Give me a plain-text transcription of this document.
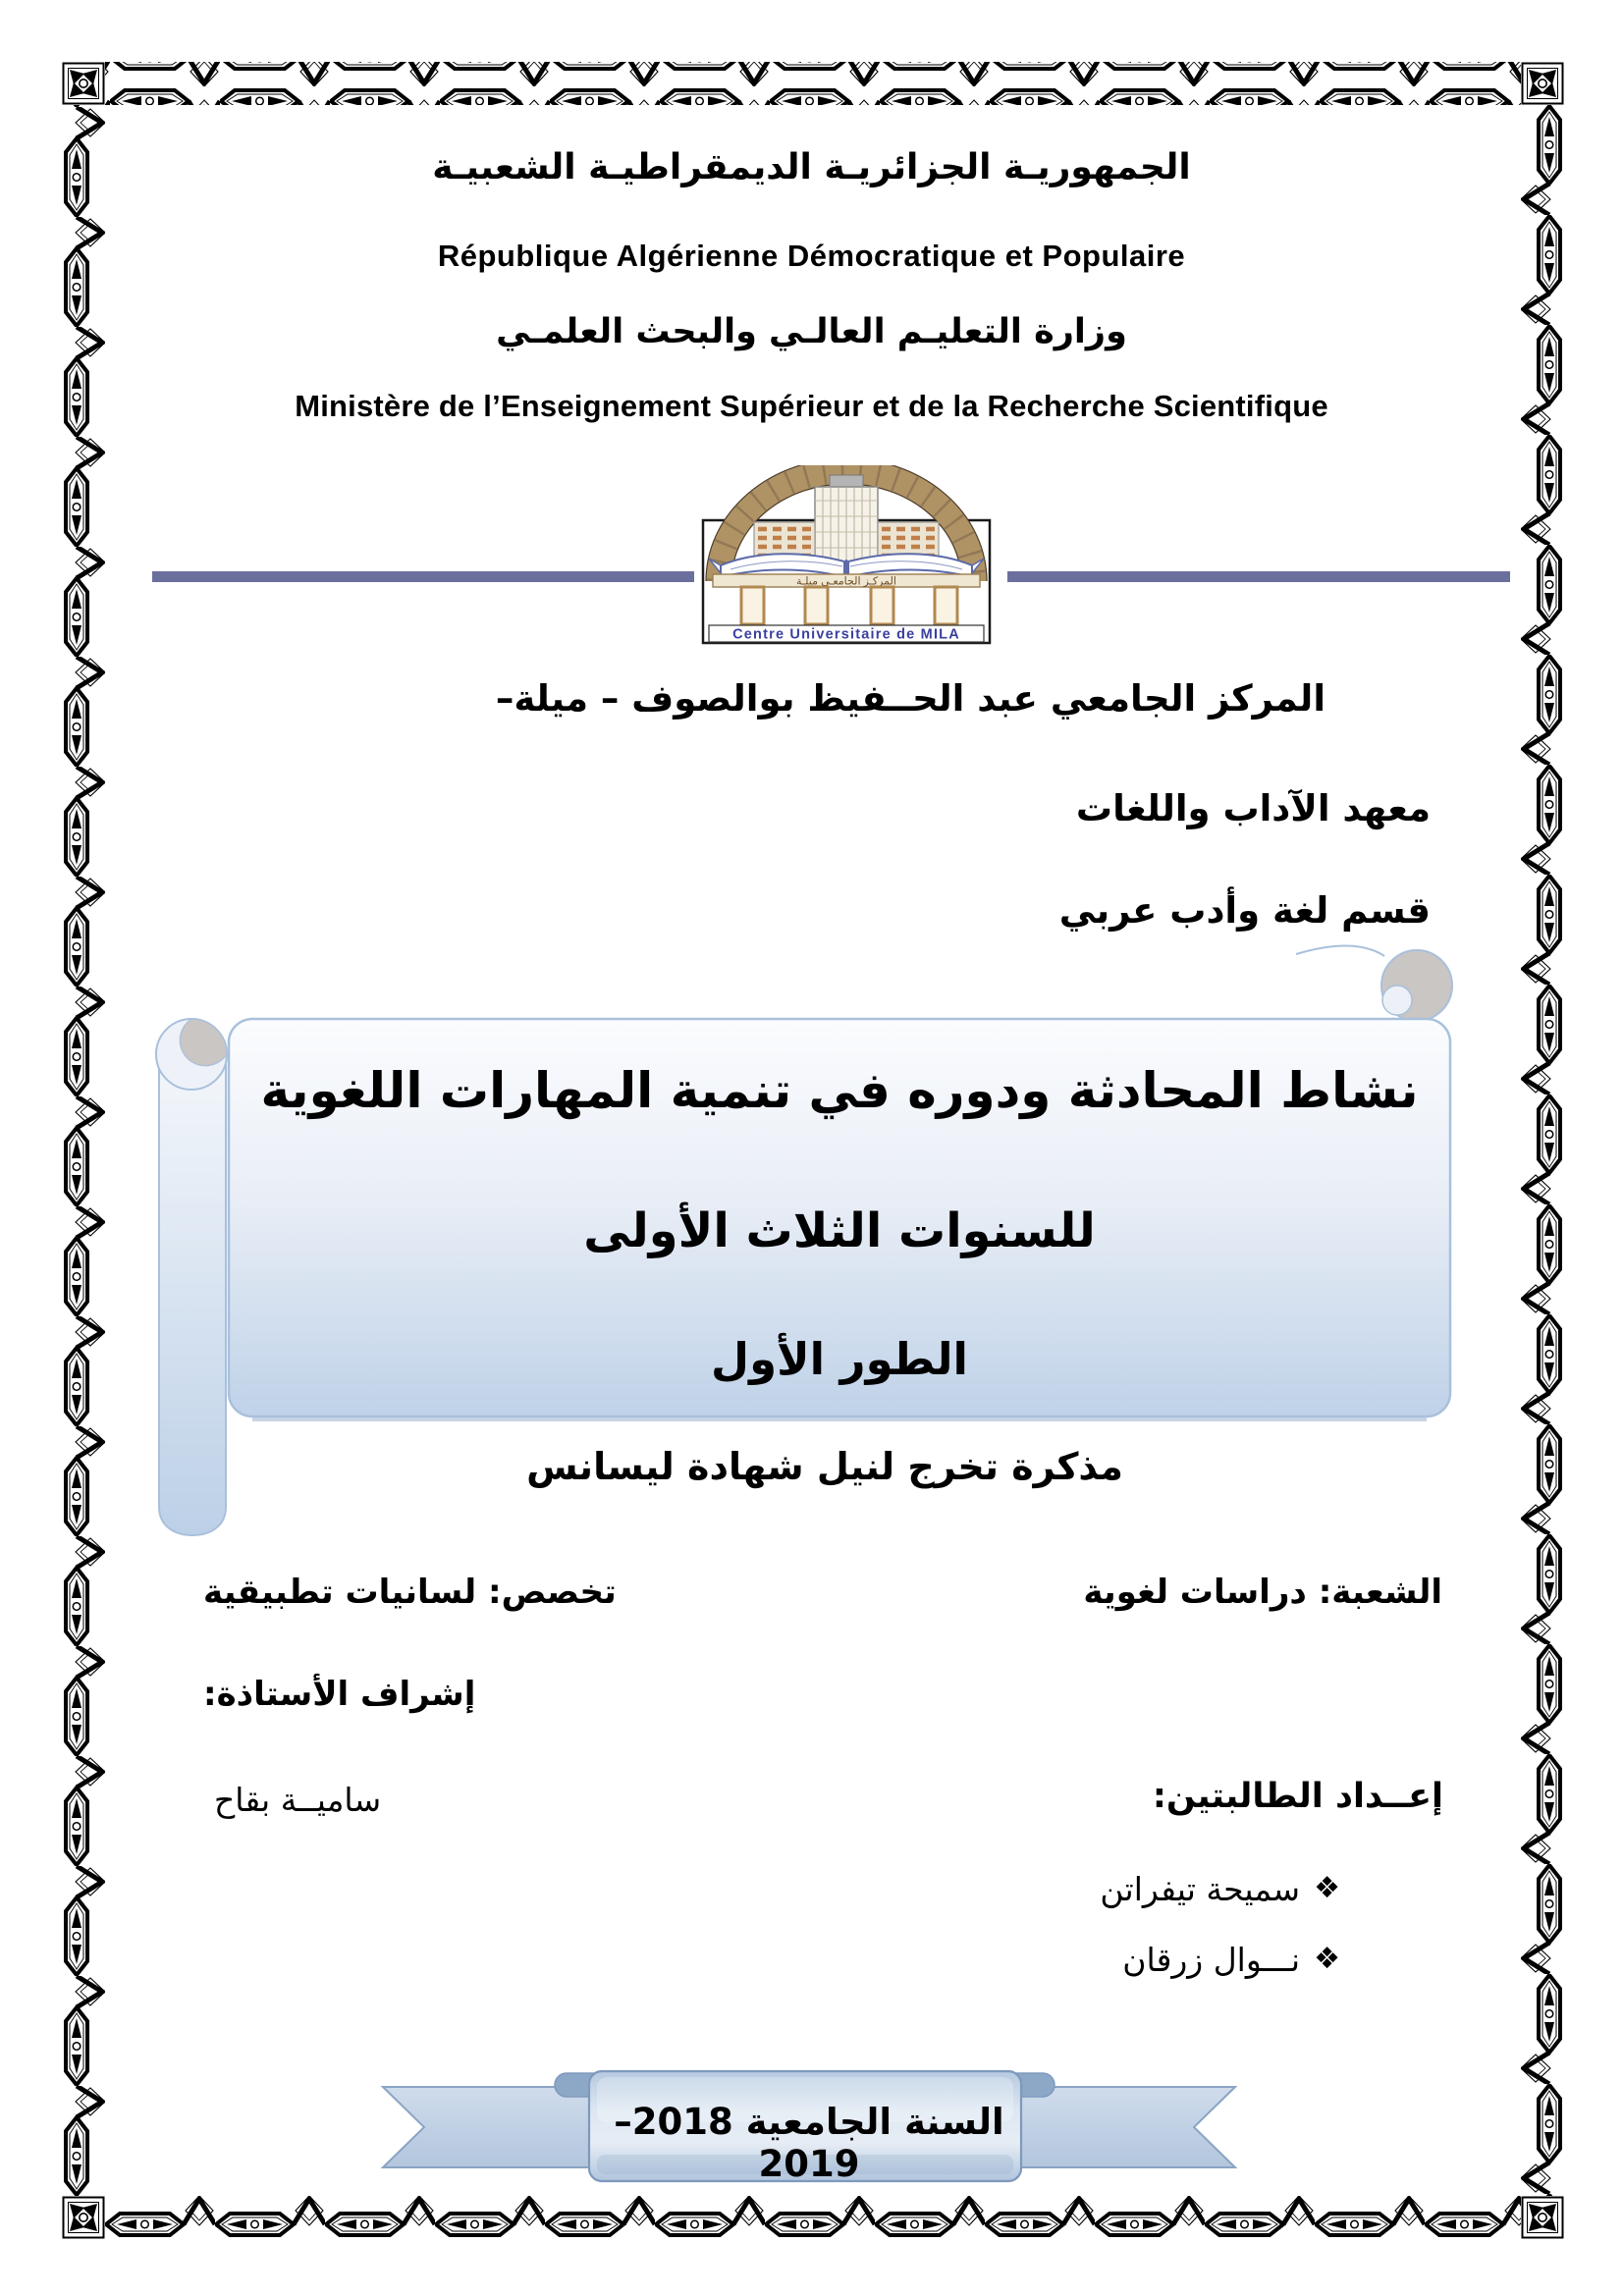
الجمهوريـة الجزائريـة الديمقراطيـة الشعبيـة
République Algérienne Démocratique et Populaire
وزارة التعليـم العالـي والبحث العلمـي
Ministère de l’Enseignement Supérieur et de la Recherche Scientifique
المركـز الجامعـي ميلـة
Centre Universitaire de MILA
المركز الجامعي عبد الحــفيظ بوالصوف – ميلة–
معهد الآداب واللغات
قسم لغة وأدب عربي
نشاط المحادثة ودوره في تنمية المهارات اللغوية
للسنوات الثلاث الأولى
الطور الأول
مذكرة تخرج لنيل شهادة ليسانس
الشعبة: دراسات لغوية
تخصص: لسانيات تطبيقية
إشراف الأستاذة:
إعــداد الطالبتين:
ساميــة بقاح
❖
سميحة تيفراتن
❖
نـــوال زرقان
السنة الجامعية 2018–2019
